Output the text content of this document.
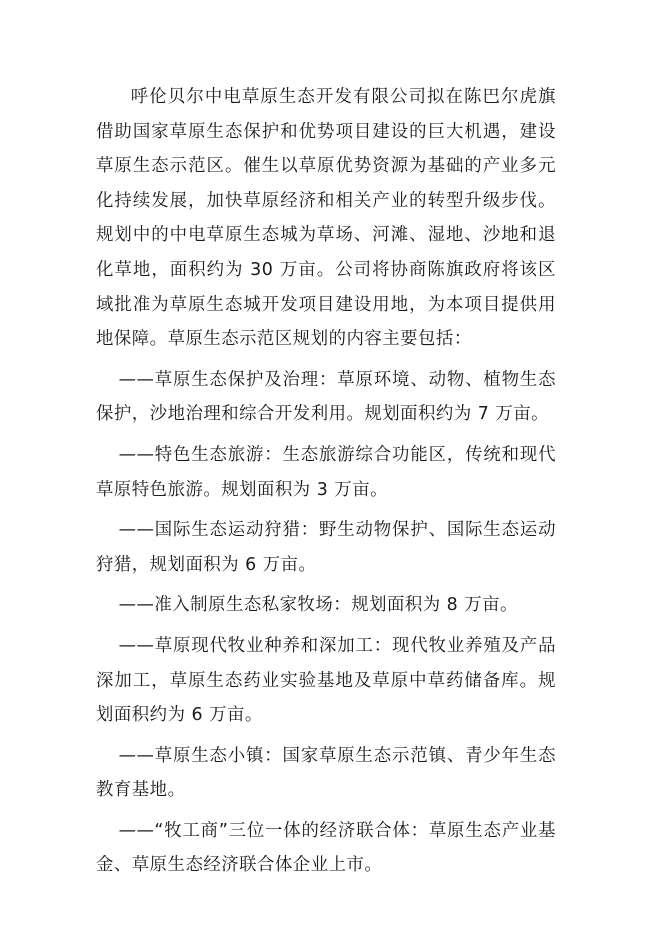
呼伦贝尔中电草原生态开发有限公司拟在陈巴尔虎旗借助国家草原生态保护和优势项目建设的巨大机遇，建设草原生态示范区。催生以草原优势资源为基础的产业多元化持续发展，加快草原经济和相关产业的转型升级步伐。规划中的中电草原生态城为草场、河滩、湿地、沙地和退化草地，面积约为 30 万亩。公司将协商陈旗政府将该区域批准为草原生态城开发项目建设用地，为本项目提供用地保障。草原生态示范区规划的内容主要包括：

——草原生态保护及治理：草原环境、动物、植物生态保护，沙地治理和综合开发利用。规划面积约为 7 万亩。

——特色生态旅游：生态旅游综合功能区，传统和现代草原特色旅游。规划面积为 3 万亩。

——国际生态运动狩猎：野生动物保护、国际生态运动狩猎，规划面积为 6 万亩。

——准入制原生态私家牧场：规划面积为 8 万亩。

——草原现代牧业种养和深加工：现代牧业养殖及产品深加工，草原生态药业实验基地及草原中草药储备库。规划面积约为 6 万亩。

——草原生态小镇：国家草原生态示范镇、青少年生态教育基地。

——“牧工商”三位一体的经济联合体：草原生态产业基金、草原生态经济联合体企业上市。
